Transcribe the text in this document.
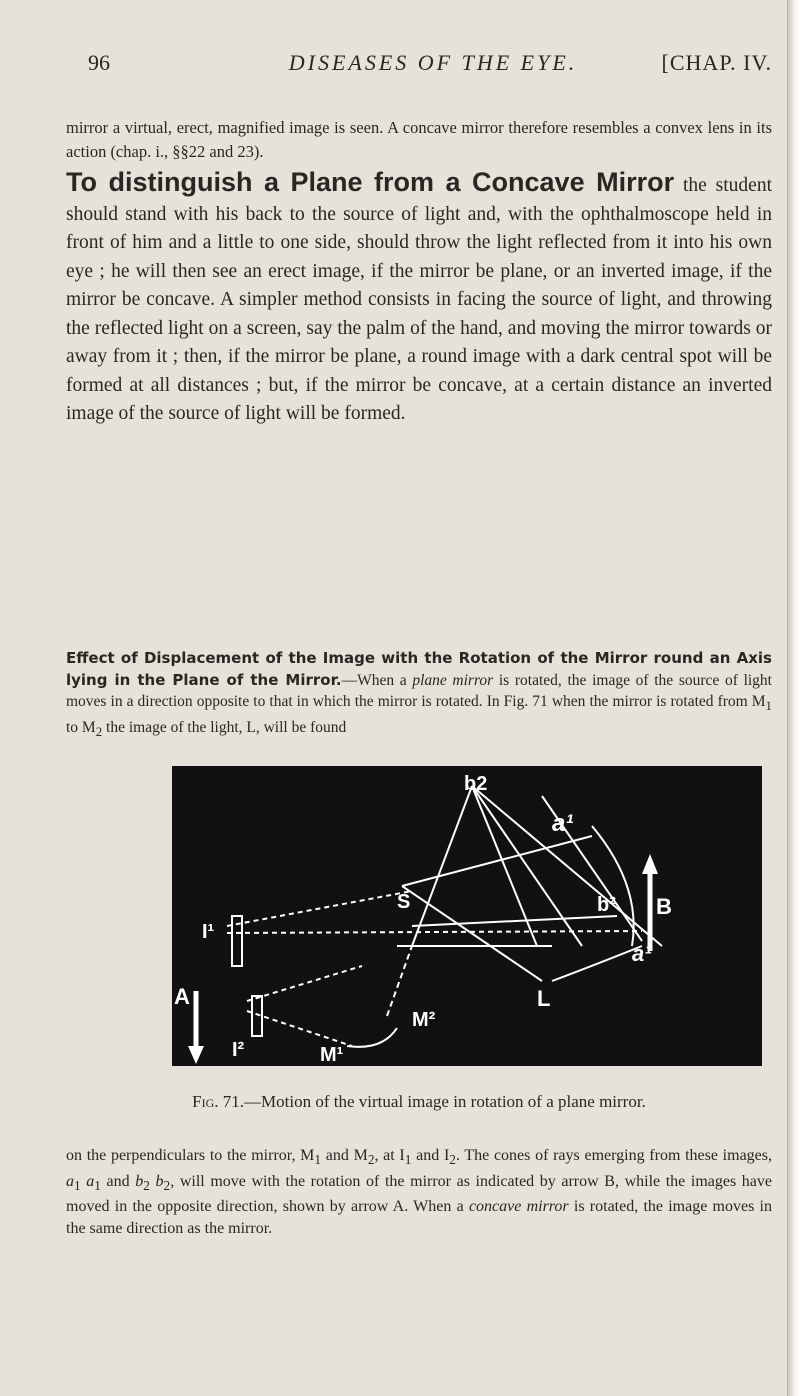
96	DISEASES OF THE EYE.	[CHAP. IV.
mirror a virtual, erect, magnified image is seen. A concave mirror therefore resembles a convex lens in its action (chap. i., §§22 and 23).
To distinguish a Plane from a Concave Mirror the student should stand with his back to the source of light and, with the ophthalmoscope held in front of him and a little to one side, should throw the light reflected from it into his own eye ; he will then see an erect image, if the mirror be plane, or an inverted image, if the mirror be concave. A simpler method consists in facing the source of light, and throwing the reflected light on a screen, say the palm of the hand, and moving the mirror towards or away from it ; then, if the mirror be plane, a round image with a dark central spot will be formed at all distances ; but, if the mirror be concave, at a certain distance an inverted image of the source of light will be formed.
Effect of Displacement of the Image with the Rotation of the Mirror round an Axis lying in the Plane of the Mirror.—When a plane mirror is rotated, the image of the source of light moves in a direction opposite to that in which the mirror is rotated. In Fig. 71 when the mirror is rotated from $M_1$ to $M_2$ the image of the light, L, will be found
b2
a¹
B
S	b²
a¹
I¹
A	L
I²	M¹
M²
Fig. 71.—Motion of the virtual image in rotation of a plane mirror.
on the perpendiculars to the mirror, $M_1$ and $M_2$, at $I_1$ and $I_2$. The cones of rays emerging from these images, $a_1$ $a_1$ and $b_2$ $b_2$, will move with the rotation of the mirror as indicated by arrow B, while the images have moved in the opposite direction, shown by arrow A. When a concave mirror is rotated, the image moves in the same direction as the mirror.
